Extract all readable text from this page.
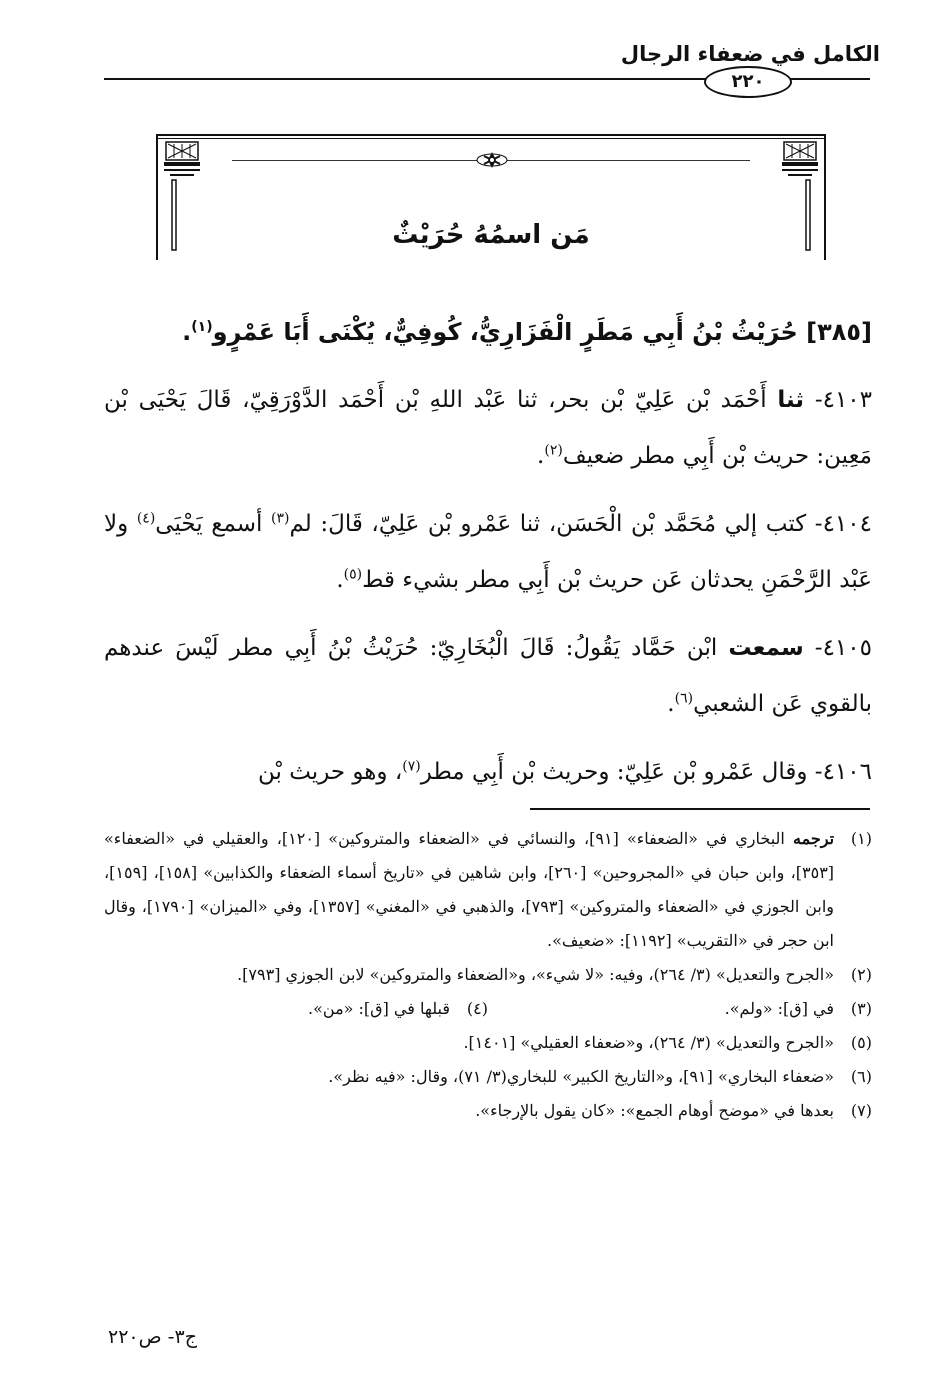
الكامل في ضعفاء الرجال
٢٢٠
مَن اسمُهُ حُرَيْثٌ
[٣٨٥] حُرَيْثُ بْنُ أَبِي مَطَرٍ الْفَزَارِيُّ، كُوفِيٌّ، يُكْنَى أَبَا عَمْرٍو$^{(١)}$.
٤١٠٣- ثنا أَحْمَد بْن عَلِيّ بْن بحر، ثنا عَبْد اللهِ بْن أَحْمَد الدَّوْرَقِيّ، قَالَ يَحْيَى بْن مَعِين: حريث بْن أَبِي مطر ضعيف$^{(٢)}$.
٤١٠٤- كتب إلي مُحَمَّد بْن الْحَسَن، ثنا عَمْرو بْن عَلِيّ، قَالَ: لم$^{(٣)}$ أسمع يَحْيَى$^{(٤)}$ ولا عَبْد الرَّحْمَنِ يحدثان عَن حريث بْن أَبِي مطر بشيء قط$^{(٥)}$.
٤١٠٥- سمعت ابْن حَمَّاد يَقُولُ: قَالَ الْبُخَارِيّ: حُرَيْثُ بْنُ أَبِي مطر لَيْسَ عندهم بالقوي عَن الشعبي$^{(٦)}$.
٤١٠٦- وقال عَمْرو بْن عَلِيّ: وحريث بْن أَبِي مطر$^{(٧)}$، وهو حريث بْن
(١)
ترجمه البخاري في «الضعفاء» [٩١]، والنسائي في «الضعفاء والمتروكين» [١٢٠]، والعقيلي في «الضعفاء» [٣٥٣]، وابن حبان في «المجروحين» [٢٦٠]، وابن شاهين في «تاريخ أسماء الضعفاء والكذابين» [١٥٨]، [١٥٩]، وابن الجوزي في «الضعفاء والمتروكين» [٧٩٣]، والذهبي في «المغني» [١٣٥٧]، وفي «الميزان» [١٧٩٠]، وقال ابن حجر في «التقريب» [١١٩٢]: «ضعيف».
(٢)
«الجرح والتعديل» (٣/ ٢٦٤)، وفيه: «لا شيء»، و«الضعفاء والمتروكين» لابن الجوزي [٧٩٣].
(٣)
في [ق]: «ولم».
(٤)
قبلها في [ق]: «من».
(٥)
«الجرح والتعديل» (٣/ ٢٦٤)، و«ضعفاء العقيلي» [١٤٠١].
(٦)
«ضعفاء البخاري» [٩١]، و«التاريخ الكبير» للبخاري(٣/ ٧١)، وقال: «فيه نظر».
(٧)
بعدها في «موضح أوهام الجمع»: «كان يقول بالإرجاء».
ج٣- ص٢٢٠
